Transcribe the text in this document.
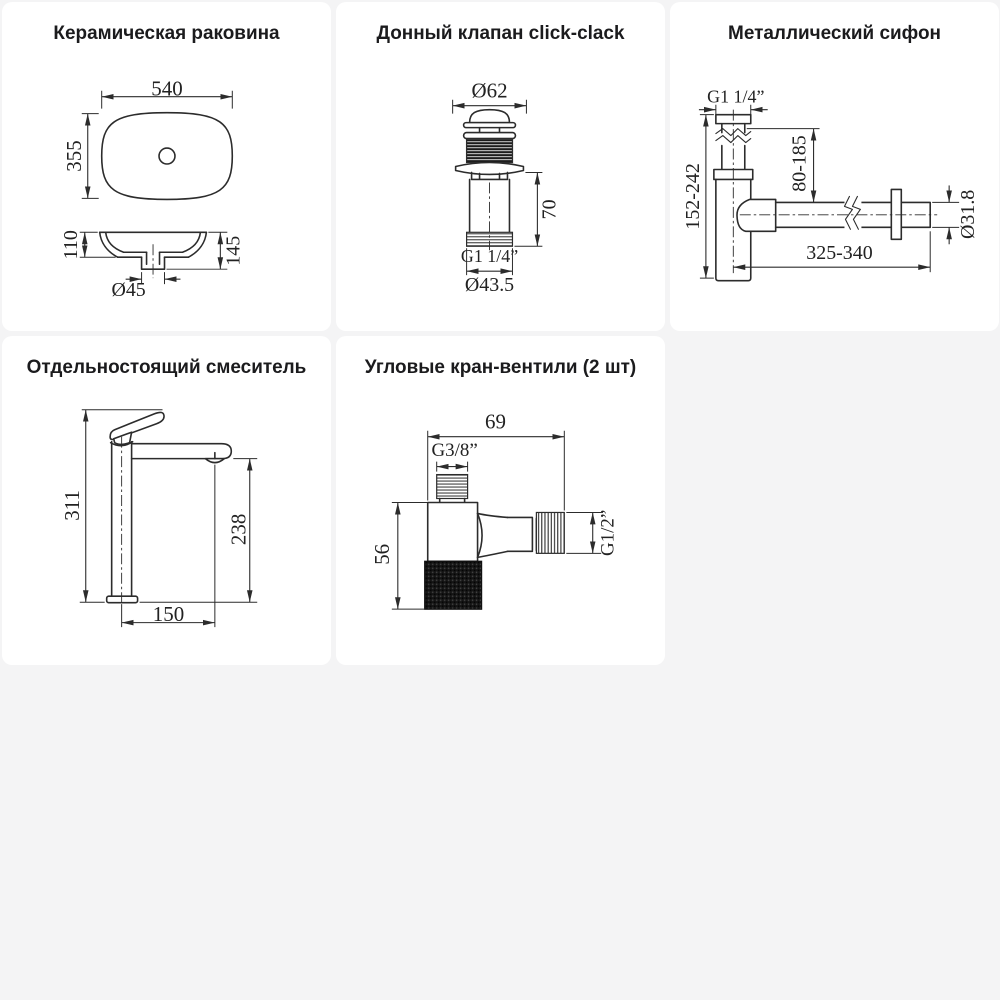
Керамическая раковина
540
355
110	145
Ø45
Донный клапан click-clack
Ø62
G1 1/4”
Ø43.5
70
Металлический сифон
G1 1/4”
152-242	80-185
Ø31.8
325-340
Отдельностоящий смеситель
311
238
150
Угловые кран-вентили (2 шт)
69
G3/8”
G1/2”
56
